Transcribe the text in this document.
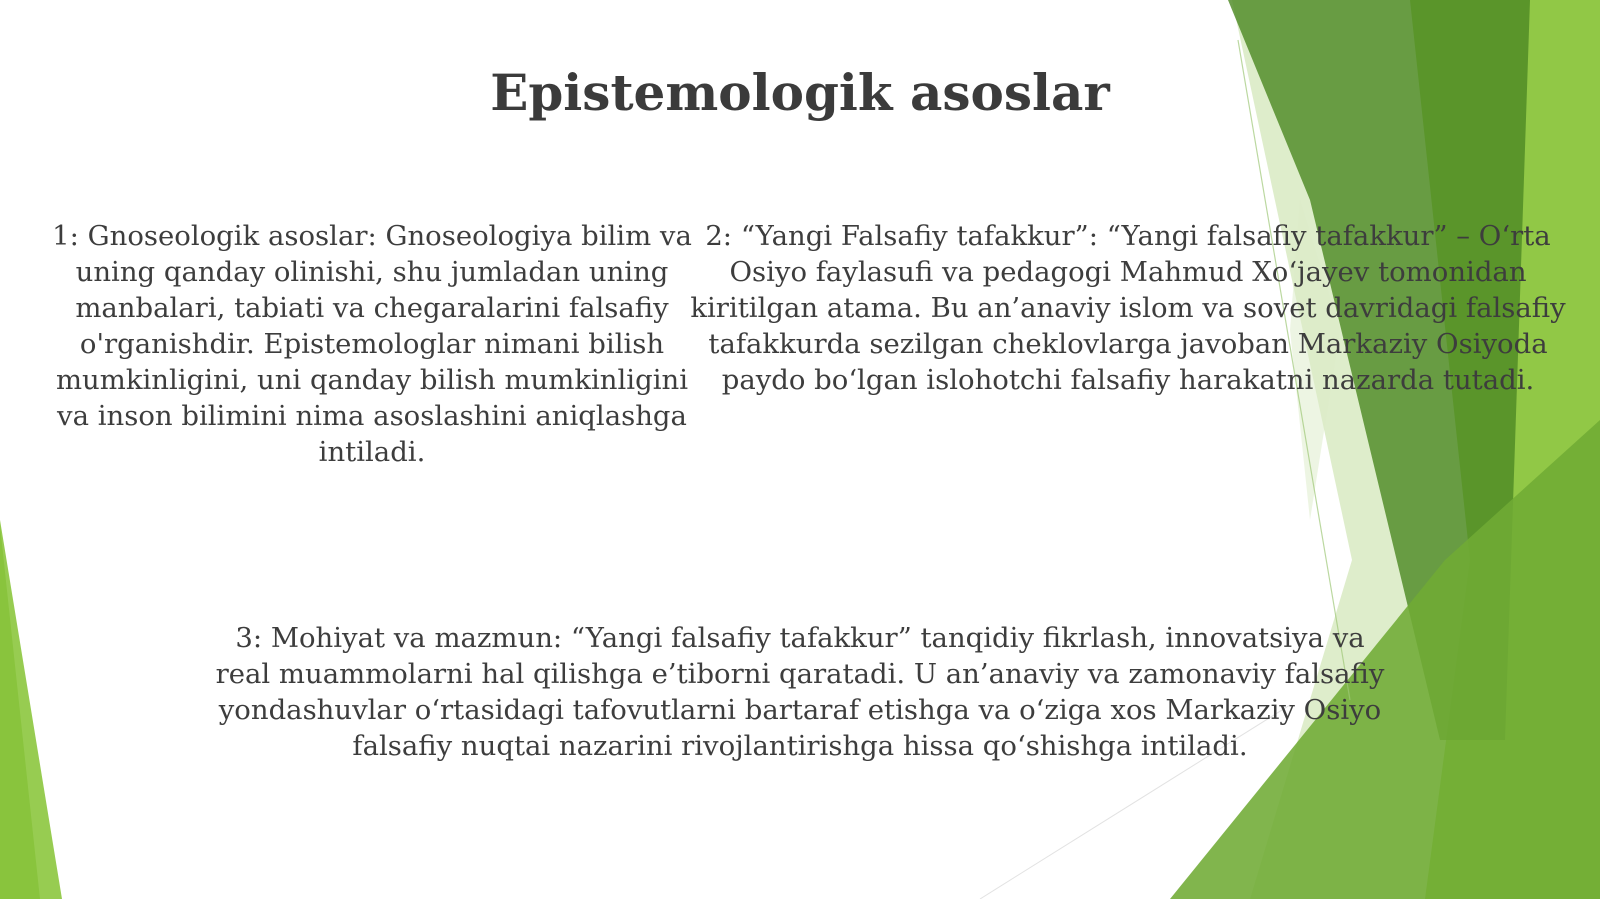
Epistemologik asoslar

1: Gnoseologik asoslar: Gnoseologiya bilim va uning qanday olinishi, shu jumladan uning manbalari, tabiati va chegaralarini falsafiy o'rganishdir. Epistemologlar nimani bilish mumkinligini, uni qanday bilish mumkinligini va inson bilimini nima asoslashini aniqlashga intiladi.

2: “Yangi Falsafiy tafakkur”: “Yangi falsafiy tafakkur” – O‘rta Osiyo faylasufi va pedagogi Mahmud Xo‘jayev tomonidan kiritilgan atama. Bu an’anaviy islom va sovet davridagi falsafiy tafakkurda sezilgan cheklovlarga javoban Markaziy Osiyoda paydo bo‘lgan islohotchi falsafiy harakatni nazarda tutadi.

3: Mohiyat va mazmun: “Yangi falsafiy tafakkur” tanqidiy fikrlash, innovatsiya va real muammolarni hal qilishga e’tiborni qaratadi. U an’anaviy va zamonaviy falsafiy yondashuvlar o‘rtasidagi tafovutlarni bartaraf etishga va o‘ziga xos Markaziy Osiyo falsafiy nuqtai nazarini rivojlantirishga hissa qo‘shishga intiladi.
